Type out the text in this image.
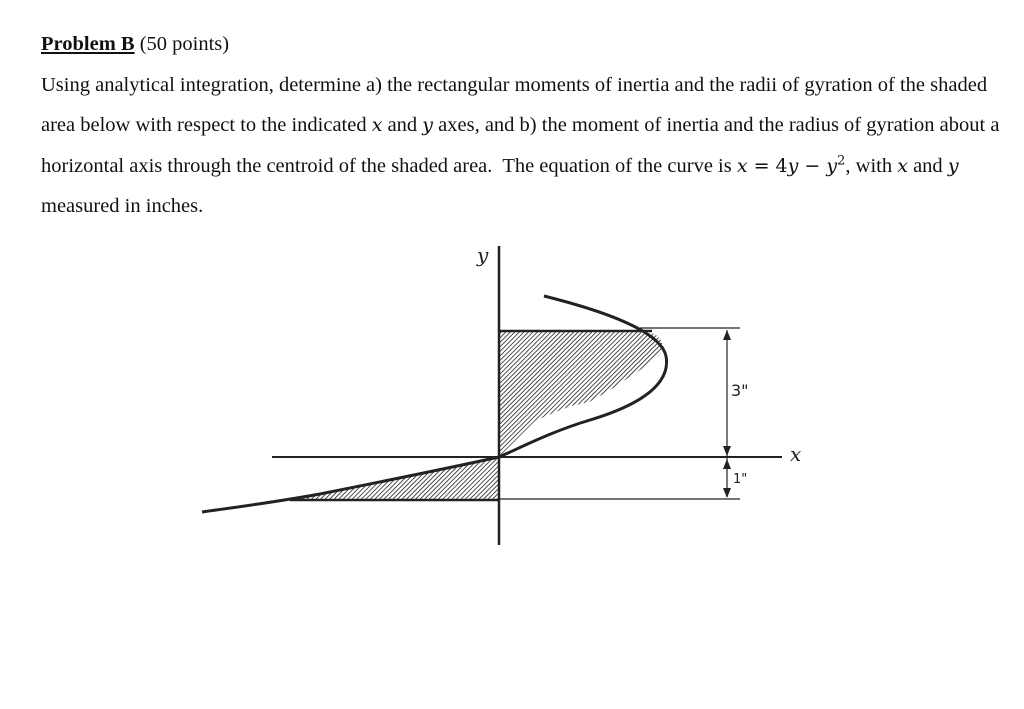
Problem B (50 points)

Using analytical integration, determine a) the rectangular moments of inertia and the radii of gyration of the shaded area below with respect to the indicated x and y axes, and b) the moment of inertia and the radius of gyration about a horizontal axis through the centroid of the shaded area. The equation of the curve is $x = 4y - y^2$, with x and y measured in inches.

y
x
3"
1"
